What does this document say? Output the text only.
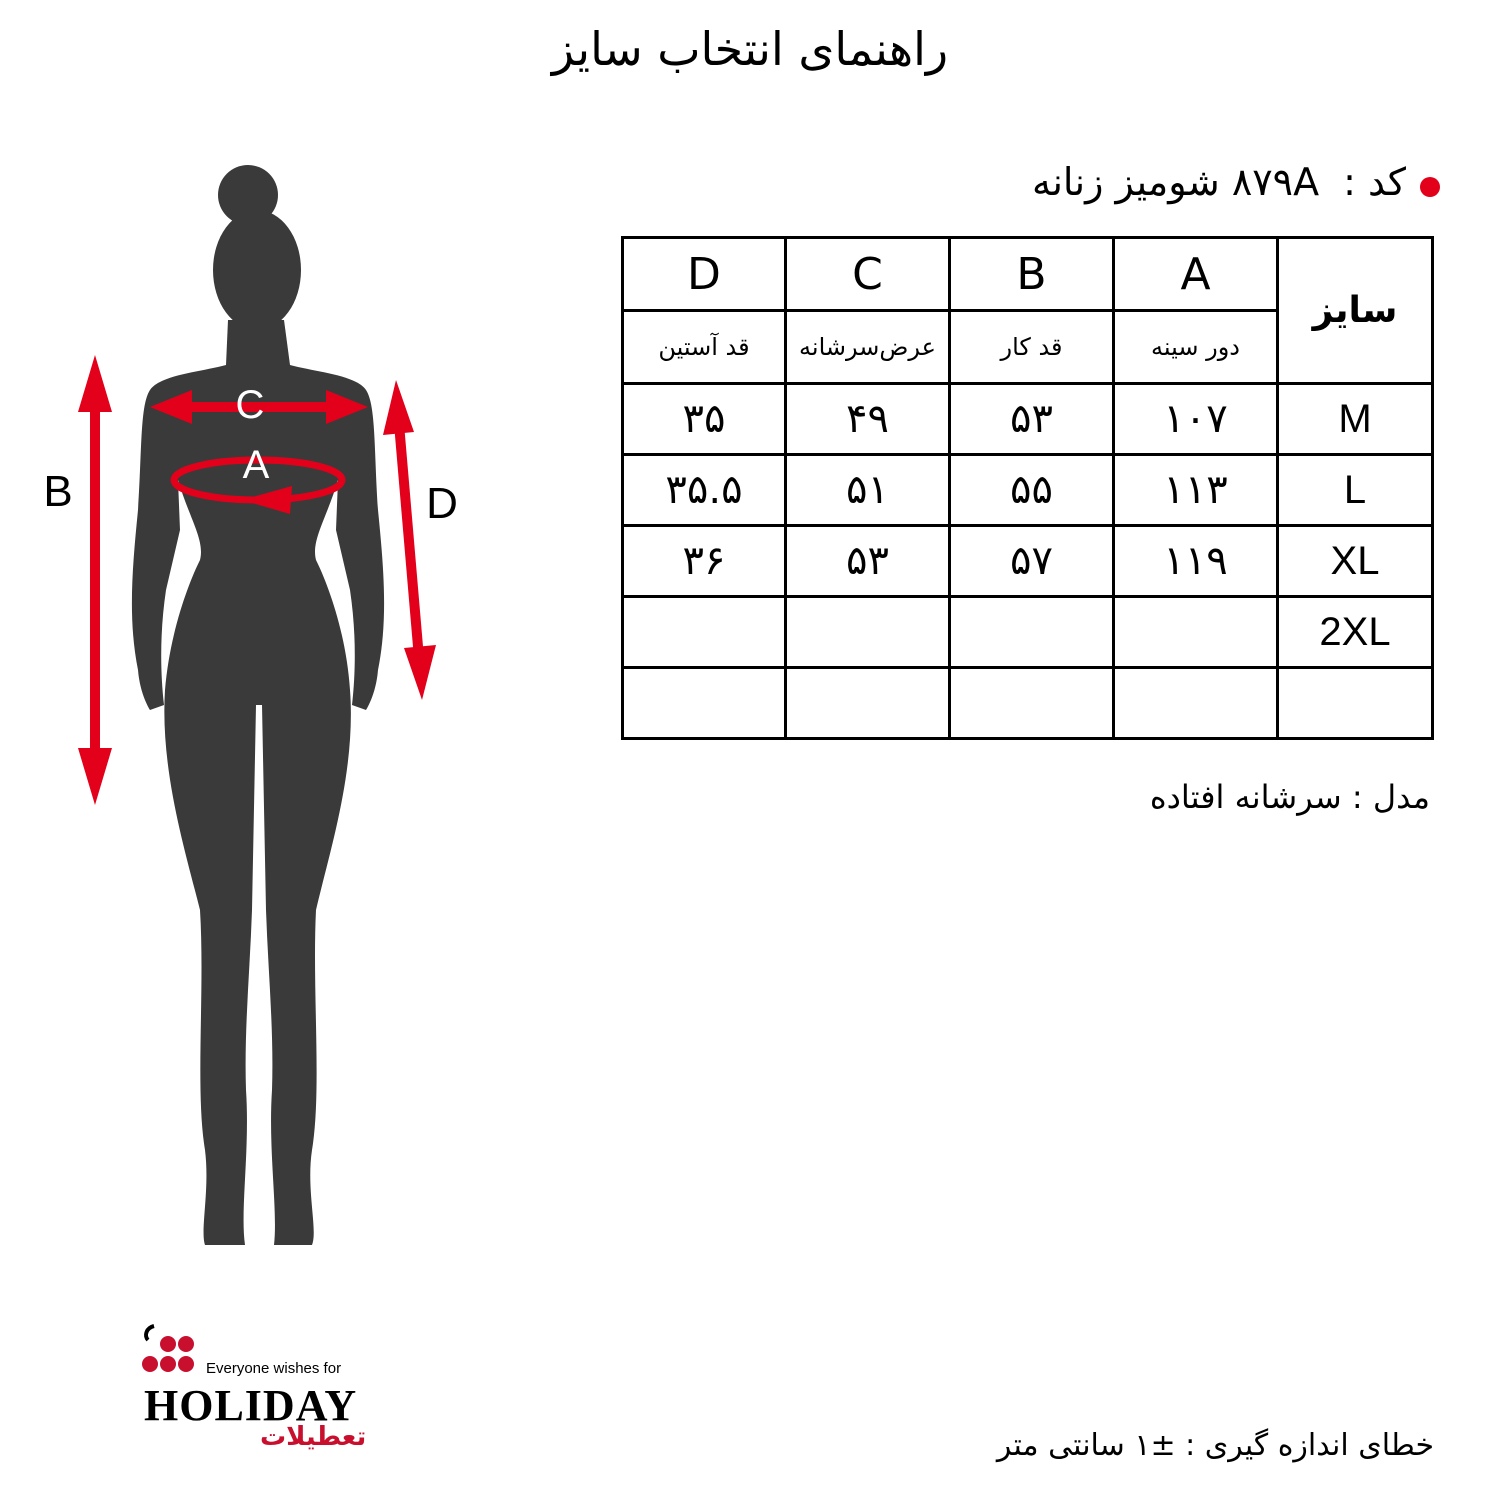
راهنمای انتخاب سایز
کد :
۸۷۹A شومیز زنانه
سایز	A	B	C	D
	دور سینه	قد کار	عرض‌سرشانه	قد آستین
M	۱۰۷	۵۳	۴۹	۳۵
L	۱۱۳	۵۵	۵۱	۳۵.۵
XL	۱۱۹	۵۷	۵۳	۳۶
2XL				

مدل : سرشانه افتاده
C
A
B	D
Everyone wishes for
HOLIDAY
تعطیلات	خطای اندازه گیری : ±۱ سانتی متر
